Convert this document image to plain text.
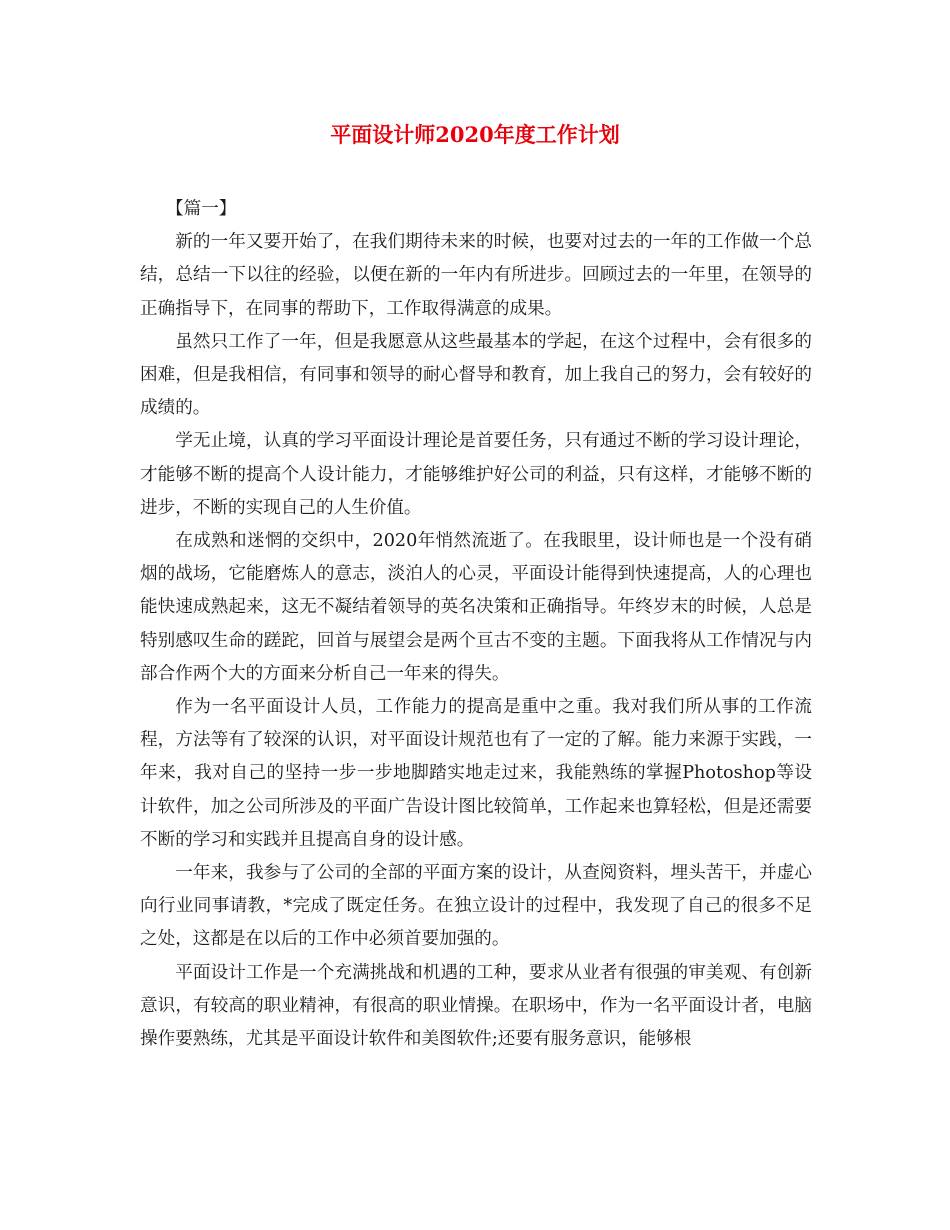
平面设计师2020年度工作计划

【篇一】

新的一年又要开始了，在我们期待未来的时候，也要对过去的一年的工作做一个总结，总结一下以往的经验，以便在新的一年内有所进步。回顾过去的一年里，在领导的正确指导下，在同事的帮助下，工作取得满意的成果。

虽然只工作了一年，但是我愿意从这些最基本的学起，在这个过程中，会有很多的困难，但是我相信，有同事和领导的耐心督导和教育，加上我自己的努力，会有较好的成绩的。

学无止境，认真的学习平面设计理论是首要任务，只有通过不断的学习设计理论，才能够不断的提高个人设计能力，才能够维护好公司的利益，只有这样，才能够不断的进步，不断的实现自己的人生价值。

在成熟和迷惘的交织中，2020年悄然流逝了。在我眼里，设计师也是一个没有硝烟的战场，它能磨炼人的意志，淡泊人的心灵，平面设计能得到快速提高，人的心理也能快速成熟起来，这无不凝结着领导的英名决策和正确指导。年终岁末的时候，人总是特别感叹生命的蹉跎，回首与展望会是两个亘古不变的主题。下面我将从工作情况与内部合作两个大的方面来分析自己一年来的得失。

作为一名平面设计人员，工作能力的提高是重中之重。我对我们所从事的工作流程，方法等有了较深的认识，对平面设计规范也有了一定的了解。能力来源于实践，一年来，我对自己的坚持一步一步地脚踏实地走过来，我能熟练的掌握Photoshop等设计软件，加之公司所涉及的平面广告设计图比较简单，工作起来也算轻松，但是还需要不断的学习和实践并且提高自身的设计感。

一年来，我参与了公司的全部的平面方案的设计，从查阅资料，埋头苦干，并虚心向行业同事请教，*完成了既定任务。在独立设计的过程中，我发现了自己的很多不足之处，这都是在以后的工作中必须首要加强的。

平面设计工作是一个充满挑战和机遇的工种，要求从业者有很强的审美观、有创新意识，有较高的职业精神，有很高的职业情操。在职场中，作为一名平面设计者，电脑操作要熟练，尤其是平面设计软件和美图软件;还要有服务意识，能够根
